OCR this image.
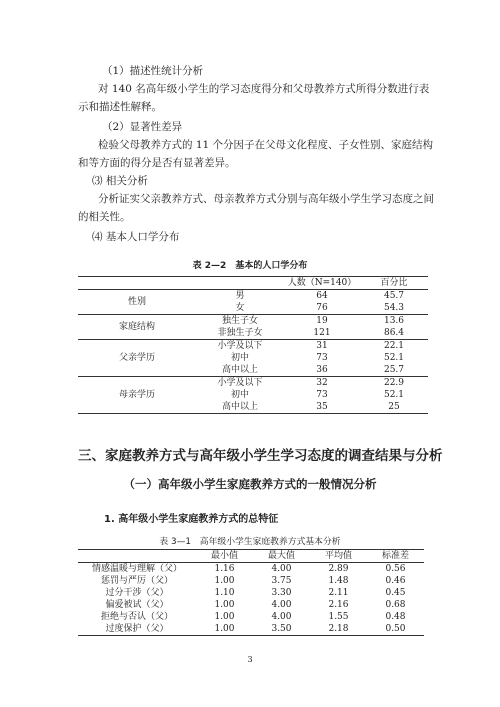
（1）描述性统计分析

对 140 名高年级小学生的学习态度得分和父母教养方式所得分数进行表示和描述性解释。

（2）显著性差异

检验父母教养方式的 11 个分因子在父母文化程度、子女性别、家庭结构和等方面的得分是否有显著差异。

⑶ 相关分析

分析证实父亲教养方式、母亲教养方式分别与高年级小学生学习态度之间的相关性。

⑷ 基本人口学分布

表 2—2　基本的人口学分布
		人数（N=140）	百分比
性别	男	64	45.7
	女	76	54.3
家庭结构	独生子女	19	13.6
	非独生子女	121	86.4
父亲学历	小学及以下	31	22.1
	初中	73	52.1
	高中以上	36	25.7
母亲学历	小学及以下	32	22.9
	初中	73	52.1
	高中以上	35	25
三、家庭教养方式与高年级小学生学习态度的调查结果与分析
（一）高年级小学生家庭教养方式的一般情况分析
1. 高年级小学生家庭教养方式的总特征
表 3—1　高年级小学生家庭教养方式基本分析
	最小值	最大值	平均值	标准差
情感温暖与理解（父）	1.16	4.00	2.89	0.56
惩罚与严厉（父）	1.00	3.75	1.48	0.46
过分干涉（父）	1.10	3.30	2.11	0.45
偏爱被试（父）	1.00	4.00	2.16	0.68
拒绝与否认（父）	1.00	4.00	1.55	0.48
过度保护（父）	1.00	3.50	2.18	0.50
3
